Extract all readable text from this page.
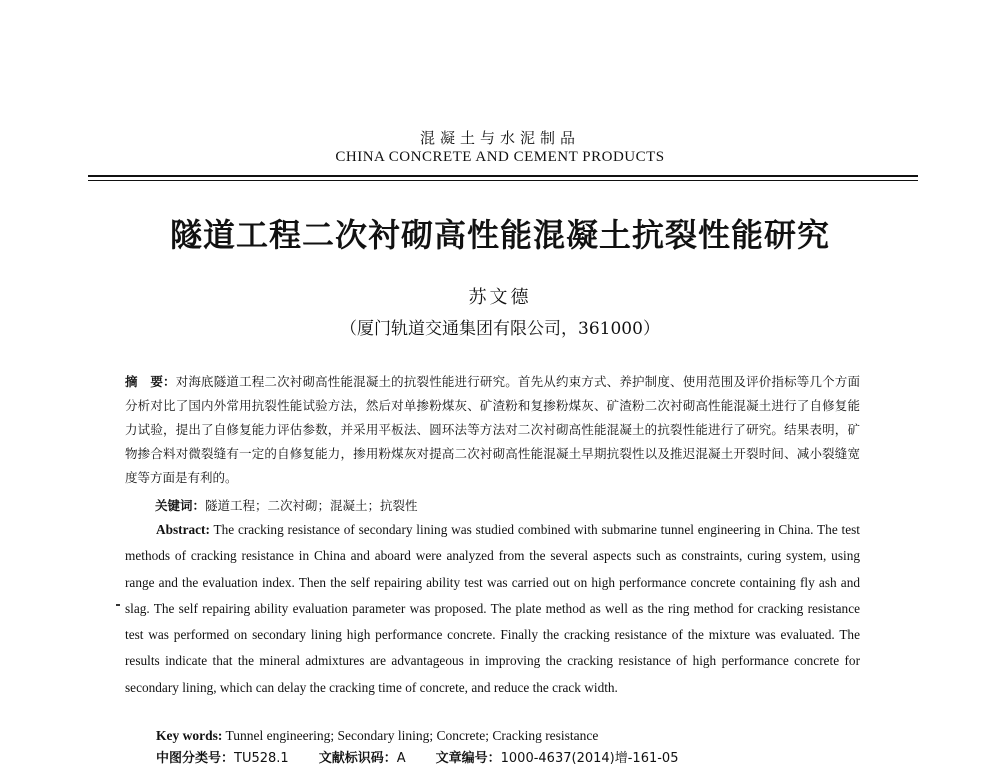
混凝土与水泥制品
CHINA CONCRETE AND CEMENT PRODUCTS
隧道工程二次衬砌高性能混凝土抗裂性能研究
苏文德
（厦门轨道交通集团有限公司，361000）
摘　要：对海底隧道工程二次衬砌高性能混凝土的抗裂性能进行研究。首先从约束方式、养护制度、使用范围及评价指标等几个方面分析对比了国内外常用抗裂性能试验方法，然后对单掺粉煤灰、矿渣粉和复掺粉煤灰、矿渣粉二次衬砌高性能混凝土进行了自修复能力试验，提出了自修复能力评估参数，并采用平板法、圆环法等方法对二次衬砌高性能混凝土的抗裂性能进行了研究。结果表明，矿物掺合料对微裂缝有一定的自修复能力，掺用粉煤灰对提高二次衬砌高性能混凝土早期抗裂性以及推迟混凝土开裂时间、减小裂缝宽度等方面是有利的。
关键词：隧道工程；二次衬砌；混凝土；抗裂性
Abstract: The cracking resistance of secondary lining was studied combined with submarine tunnel engineering in China. The test methods of cracking resistance in China and aboard were analyzed from the several aspects such as constraints, curing system, using range and the evaluation index. Then the self repairing ability test was carried out on high performance concrete containing fly ash and slag. The self repairing ability evaluation parameter was proposed. The plate method as well as the ring method for cracking resistance test was performed on secondary lining high performance concrete. Finally the cracking resistance of the mixture was evaluated. The results indicate that the mineral admixtures are advantageous in improving the cracking resistance of high performance concrete for secondary lining, which can delay the cracking time of concrete, and reduce the crack width.
Key words: Tunnel engineering; Secondary lining; Concrete; Cracking resistance
中图分类号：TU528.1 文献标识码：A 文章编号：1000-4637(2014)增-161-05
